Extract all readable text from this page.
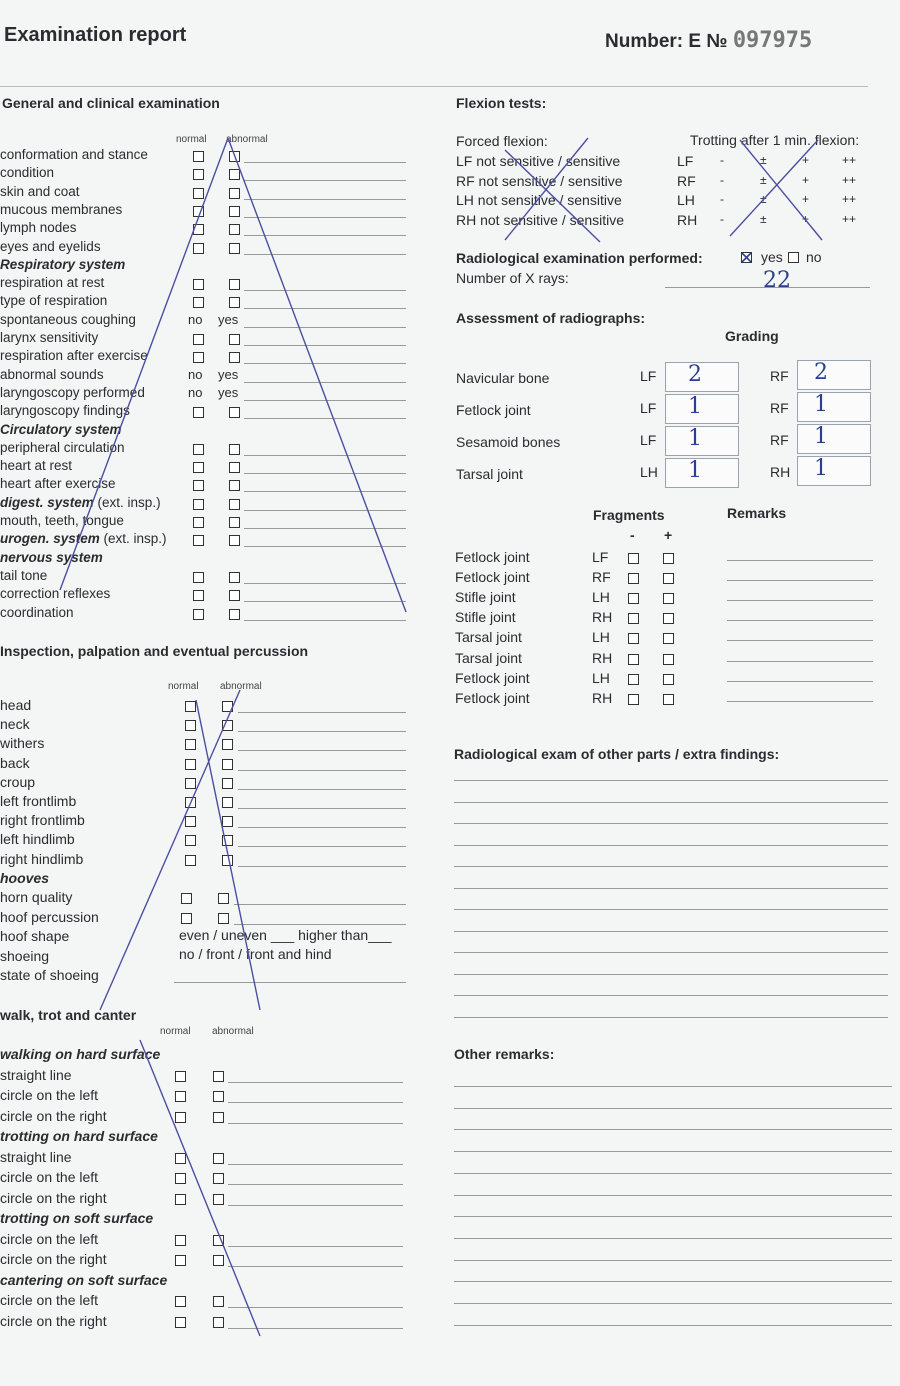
Examination report	Number: E № 097975
General and clinical examination
normal abnormal
conformation and stance
condition
skin and coat
mucous membranes
lymph nodes
eyes and eyelids
Respiratory system
respiration at rest
type of respiration
spontaneous coughing	no yes
larynx sensitivity
respiration after exercise
abnormal sounds	no yes
laryngoscopy performed	no yes
laryngoscopy findings
Circulatory system
peripheral circulation
heart at rest
heart after exercise
digest. system (ext. insp.)
mouth, teeth, tongue
urogen. system (ext. insp.)
nervous system
tail tone
correction reflexes
coordination
Inspection, palpation and eventual percussion
normal abnormal
head
neck
withers
back
croup
left frontlimb
right frontlimb
left hindlimb
right hindlimb
hooves
horn quality
hoof percussion
hoof shape
shoeing
state of shoeing
even / uneven ___ higher than___
no / front / front and hind
walk, trot and canter
normal abnormal
walking on hard surface
straight line
circle on the left
circle on the right
trotting on hard surface
straight line
circle on the left
circle on the right
trotting on soft surface
circle on the left
circle on the right
cantering on soft surface
circle on the left
circle on the right
Flexion tests:
Forced flexion:	Trotting after 1 min. flexion:
LF not sensitive / sensitive	LF -	±	+	++
RF not sensitive / sensitive	RF -	±	+	++
LH not sensitive / sensitive	LH -	±	+	++
RH not sensitive / sensitive	RH -	±	+	++
Radiological examination performed:	yes no
Number of X rays:	22
Assessment of radiographs:
Grading
Navicular bone	LF 2	RF 2
Fetlock joint	LF 1	RF 1
Sesamoid bones	LF 1	RF 1
Tarsal joint	LH 1	RH 1
Fragments	Remarks
- +
Fetlock joint	LF
Fetlock joint	RF
Stifle joint	LH
Stifle joint	RH
Tarsal joint	LH
Tarsal joint	RH
Fetlock joint	LH
Fetlock joint	RH
Radiological exam of other parts / extra findings:
Other remarks:
